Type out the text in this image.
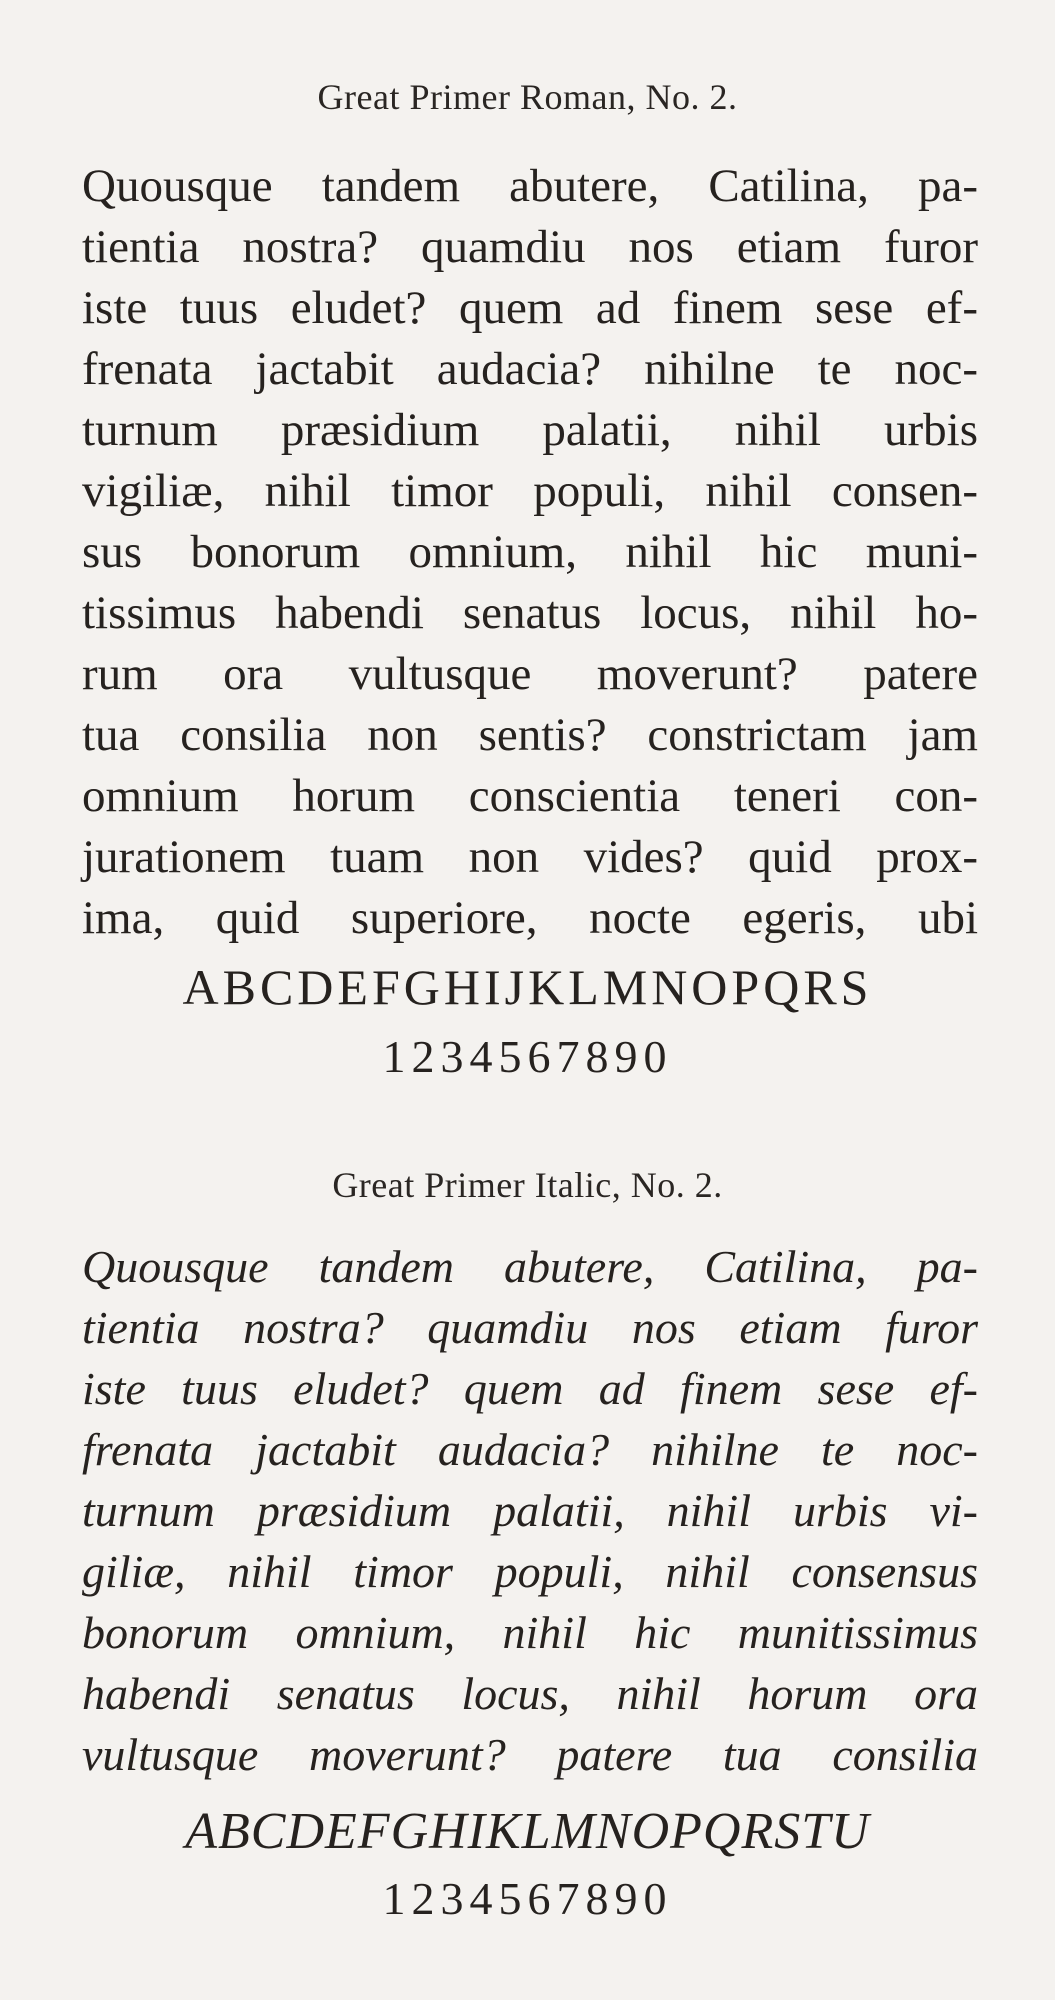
Great Primer Roman, No. 2.
Quousque tandem abutere, Catilina, pa-
tientia nostra? quamdiu nos etiam furor
iste tuus eludet? quem ad finem sese ef-
frenata jactabit audacia? nihilne te noc-
turnum præsidium palatii, nihil urbis
vigiliæ, nihil timor populi, nihil consen-
sus bonorum omnium, nihil hic muni-
tissimus habendi senatus locus, nihil ho-
rum ora vultusque moverunt? patere
tua consilia non sentis? constrictam jam
omnium horum conscientia teneri con-
jurationem tuam non vides? quid prox-
ima, quid superiore, nocte egeris, ubi
ABCDEFGHIJKLMNOPQRS
1234567890
Great Primer Italic, No. 2.
Quousque tandem abutere, Catilina, pa-
tientia nostra? quamdiu nos etiam furor
iste tuus eludet? quem ad finem sese ef-
frenata jactabit audacia? nihilne te noc-
turnum præsidium palatii, nihil urbis vi-
giliæ, nihil timor populi, nihil consensus
bonorum omnium, nihil hic munitissimus
habendi senatus locus, nihil horum ora
vultusque moverunt? patere tua consilia
ABCDEFGHIKLMNOPQRSTU
1234567890
